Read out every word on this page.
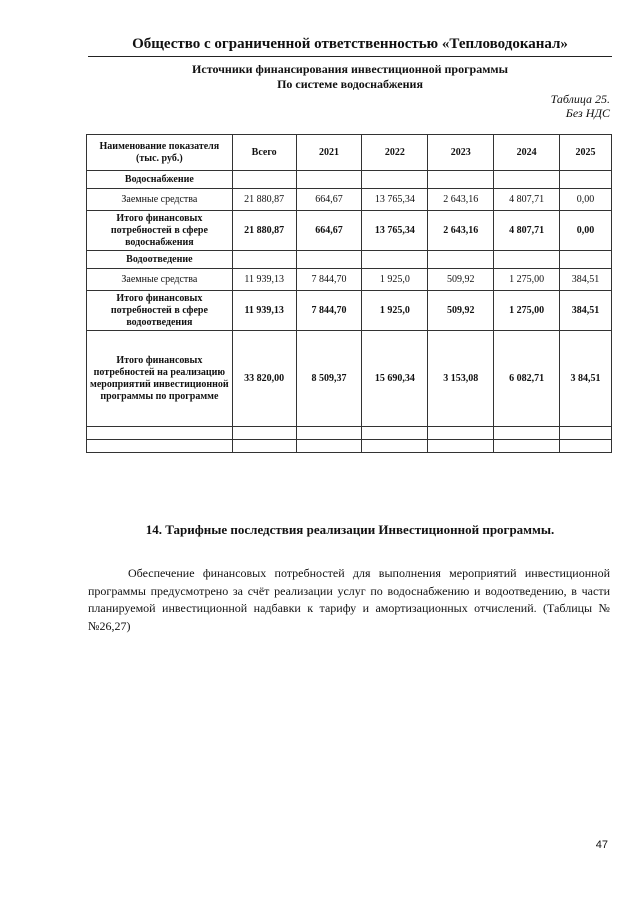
Общество с ограниченной ответственностью «Тепловодоканал»
Источники финансирования инвестиционной программы
По системе водоснабжения
Таблица 25.
Без НДС
Наименование показателя (тыс. руб.)	Всего	2021	2022	2023	2024	2025
Водоснабжение						
Заемные средства	21 880,87	664,67	13 765,34	2 643,16	4 807,71	0,00
Итого финансовых потребностей в сфере водоснабжения	21 880,87	664,67	13 765,34	2 643,16	4 807,71	0,00
Водоотведение						
Заемные средства	11 939,13	7 844,70	1 925,0	509,92	1 275,00	384,51
Итого финансовых потребностей в сфере водоотведения	11 939,13	7 844,70	1 925,0	509,92	1 275,00	384,51
Итого финансовых потребностей на реализацию мероприятий инвестиционной программы по программе	33 820,00	8 509,37	15 690,34	3 153,08	6 082,71	3 84,51

14. Тарифные последствия реализации Инвестиционной программы.

Обеспечение финансовых потребностей для выполнения мероприятий инвестиционной программы предусмотрено за счёт реализации услуг по водоснабжению и водоотведению, в части планируемой инвестиционной надбавки к тарифу и амортизационных отчислений. (Таблицы №№26,27)

47
